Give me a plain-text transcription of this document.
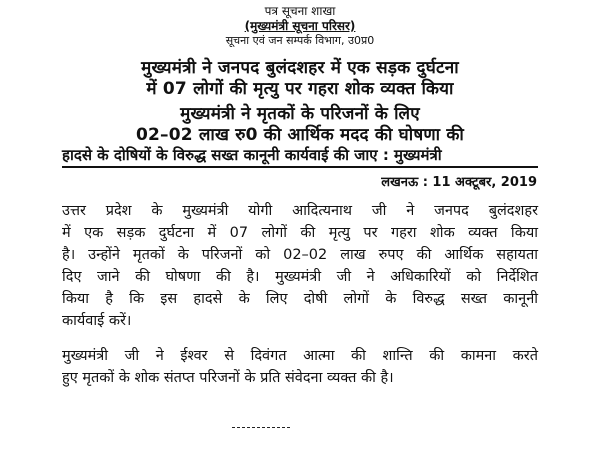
पत्र सूचना शाखा
(मुख्यमंत्री सूचना परिसर)
सूचना एवं जन सम्पर्क विभाग, उ0प्र0
मुख्यमंत्री ने जनपद बुलंदशहर में एक सड़क दुर्घटना
में 07 लोगों की मृत्यु पर गहरा शोक व्यक्त किया
मुख्यमंत्री ने मृतकों के परिजनों के लिए
02–02 लाख रु0 की आर्थिक मदद की घोषणा की
हादसे के दोषियों के विरुद्ध सख्त कानूनी कार्यवाई की जाए : मुख्यमंत्री
लखनऊ : 11 अक्टूबर, 2019
उत्तर प्रदेश के मुख्यमंत्री योगी आदित्यनाथ जी ने जनपद बुलंदशहर
में एक सड़क दुर्घटना में 07 लोगों की मृत्यु पर गहरा शोक व्यक्त किया
है। उन्होंने मृतकों के परिजनों को 02–02 लाख रुपए की आर्थिक सहायता
दिए जाने की घोषणा की है। मुख्यमंत्री जी ने अधिकारियों को निर्देशित
किया है कि इस हादसे के लिए दोषी लोगों के विरुद्ध सख्त कानूनी
कार्यवाई करें।
मुख्यमंत्री जी ने ईश्वर से दिवंगत आत्मा की शान्ति की कामना करते
हुए मृतकों के शोक संतप्त परिजनों के प्रति संवेदना व्यक्त की है।
